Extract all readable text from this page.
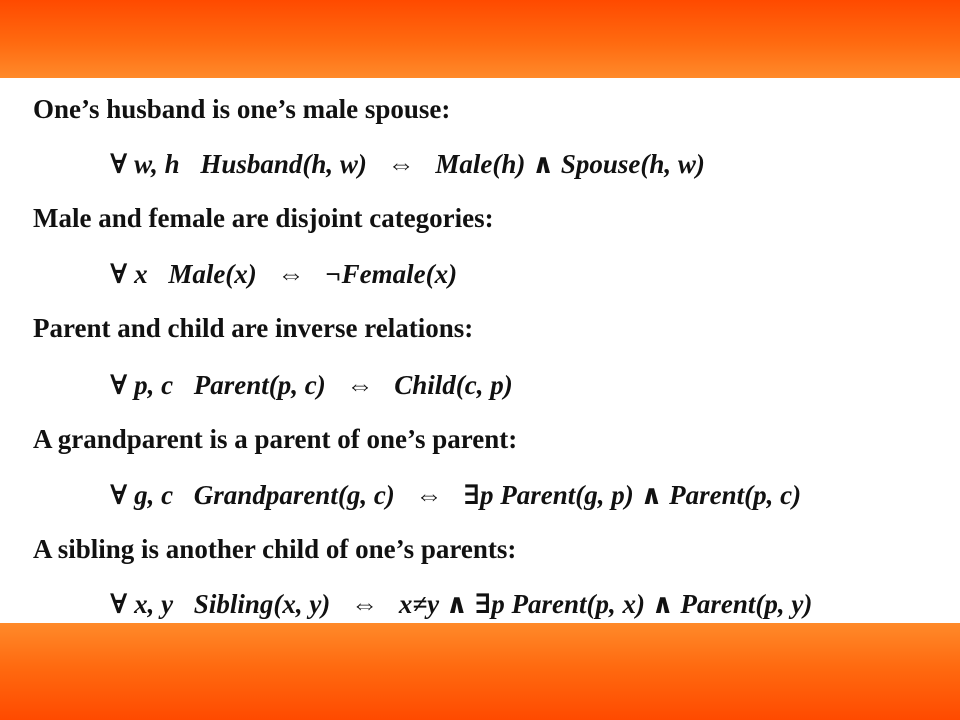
One’s husband is one’s male spouse:
∀ w, h Husband(h, w) ⇔ Male(h) ∧ Spouse(h, w)
Male and female are disjoint categories:
∀ x Male(x) ⇔ ¬Female(x)
Parent and child are inverse relations:
∀ p, c Parent(p, c) ⇔ Child(c, p)
A grandparent is a parent of one’s parent:
∀ g, c Grandparent(g, c) ⇔ ∃p Parent(g, p) ∧ Parent(p, c)
A sibling is another child of one’s parents:
∀ x, y Sibling(x, y) ⇔ x≠y ∧ ∃p Parent(p, x) ∧ Parent(p, y)
